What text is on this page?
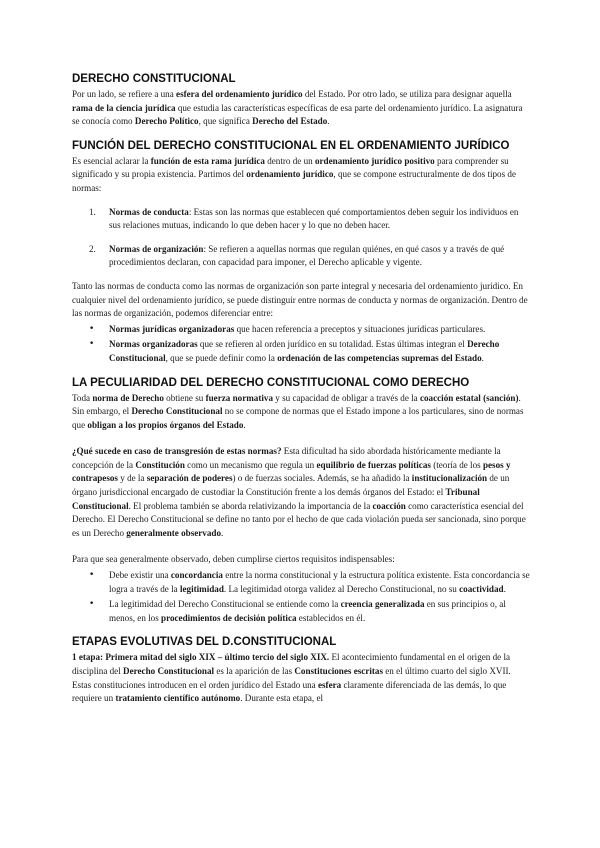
DERECHO CONSTITUCIONAL

Por un lado, se refiere a una esfera del ordenamiento jurídico del Estado. Por otro lado, se utiliza para designar aquella rama de la ciencia jurídica que estudia las características específicas de esa parte del ordenamiento jurídico. La asignatura se conocía como Derecho Político, que significa Derecho del Estado.

FUNCIÓN DEL DERECHO CONSTITUCIONAL EN EL ORDENAMIENTO JURÍDICO

Es esencial aclarar la función de esta rama jurídica dentro de un ordenamiento jurídico positivo para comprender su significado y su propia existencia. Partimos del ordenamiento jurídico, que se compone estructuralmente de dos tipos de normas:

1. Normas de conducta: Estas son las normas que establecen qué comportamientos deben seguir los individuos en sus relaciones mutuas, indicando lo que deben hacer y lo que no deben hacer.
2. Normas de organización: Se refieren a aquellas normas que regulan quiénes, en qué casos y a través de qué procedimientos declaran, con capacidad para imponer, el Derecho aplicable y vigente.

Tanto las normas de conducta como las normas de organización son parte integral y necesaria del ordenamiento jurídico. En cualquier nivel del ordenamiento jurídico, se puede distinguir entre normas de conducta y normas de organización. Dentro de las normas de organización, podemos diferenciar entre:

• Normas jurídicas organizadoras que hacen referencia a preceptos y situaciones jurídicas particulares.
• Normas organizadoras que se refieren al orden jurídico en su totalidad. Estas últimas integran el Derecho Constitucional, que se puede definir como la ordenación de las competencias supremas del Estado.
LA PECULIARIDAD DEL DERECHO CONSTITUCIONAL COMO DERECHO

Toda norma de Derecho obtiene su fuerza normativa y su capacidad de obligar a través de la coacción estatal (sanción). Sin embargo, el Derecho Constitucional no se compone de normas que el Estado impone a los particulares, sino de normas que obligan a los propios órganos del Estado.

¿Qué sucede en caso de transgresión de estas normas? Esta dificultad ha sido abordada históricamente mediante la concepción de la Constitución como un mecanismo que regula un equilibrio de fuerzas políticas (teoría de los pesos y contrapesos y de la separación de poderes) o de fuerzas sociales. Además, se ha añadido la institucionalización de un órgano jurisdiccional encargado de custodiar la Constitución frente a los demás órganos del Estado: el Tribunal Constitucional. El problema también se aborda relativizando la importancia de la coacción como característica esencial del Derecho. El Derecho Constitucional se define no tanto por el hecho de que cada violación pueda ser sancionada, sino porque es un Derecho generalmente observado.

Para que sea generalmente observado, deben cumplirse ciertos requisitos indispensables:

• Debe existir una concordancia entre la norma constitucional y la estructura política existente. Esta concordancia se logra a través de la legitimidad. La legitimidad otorga validez al Derecho Constitucional, no su coactividad.
• La legitimidad del Derecho Constitucional se entiende como la creencia generalizada en sus principios o, al menos, en los procedimientos de decisión política establecidos en él.
ETAPAS EVOLUTIVAS DEL D.CONSTITUCIONAL

1 etapa: Primera mitad del siglo XIX – último tercio del siglo XIX. El acontecimiento fundamental en el origen de la disciplina del Derecho Constitucional es la aparición de las Constituciones escritas en el último cuarto del siglo XVII. Estas constituciones introducen en el orden jurídico del Estado una esfera claramente diferenciada de las demás, lo que requiere un tratamiento científico autónomo. Durante esta etapa, el
